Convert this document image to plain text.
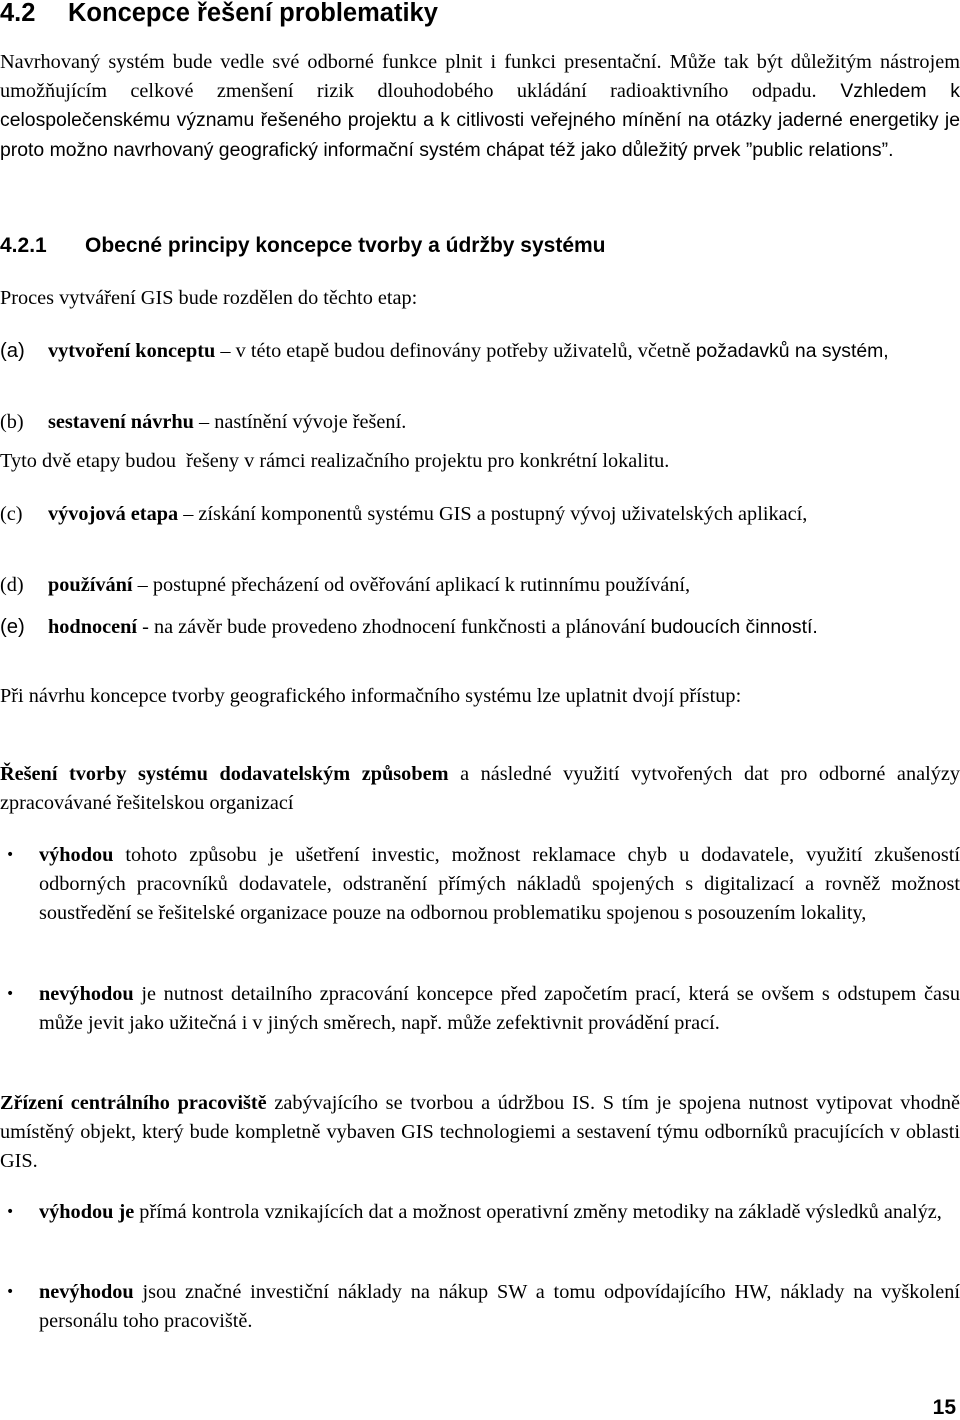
4.2 Koncepce řešení problematiky
Navrhovaný systém bude vedle své odborné funkce plnit i funkci presentační. Může tak být důležitým nástrojem umožňujícím celkové zmenšení rizik dlouhodobého ukládání radioaktivního odpadu. Vzhledem k celospolečenskému významu řešeného projektu a k citlivosti veřejného mínění na otázky jaderné energetiky je proto možno navrhovaný geografický informační systém chápat též jako důležitý prvek ”public relations”.
4.2.1 Obecné principy koncepce tvorby a údržby systému
Proces vytváření GIS bude rozdělen do těchto etap:
(a)	vytvoření konceptu – v této etapě budou definovány potřeby uživatelů, včetně požadavků na systém,
(b)	sestavení návrhu – nastínění vývoje řešení.
Tyto dvě etapy budou  řešeny v rámci realizačního projektu pro konkrétní lokalitu.
(c)	vývojová etapa – získání komponentů systému GIS a postupný vývoj uživatelských aplikací,
(d)	používání – postupné přecházení od ověřování aplikací k rutinnímu používání,
(e)	hodnocení - na závěr bude provedeno zhodnocení funkčnosti a plánování budoucích činností.
Při návrhu koncepce tvorby geografického informačního systému lze uplatnit dvojí přístup:
Řešení tvorby systému dodavatelským způsobem a následné využití vytvořených dat pro odborné analýzy zpracovávané řešitelskou organizací
•	výhodou tohoto způsobu je ušetření investic, možnost reklamace chyb u dodavatele, využití zkušeností odborných pracovníků dodavatele, odstranění přímých nákladů spojených s digitalizací a rovněž možnost soustředění se řešitelské organizace pouze na odbornou problematiku spojenou s posouzením lokality,
•	nevýhodou je nutnost detailního zpracování koncepce před započetím prací, která se ovšem s odstupem času může jevit jako užitečná i v jiných směrech, např. může zefektivnit provádění prací.
Zřízení centrálního pracoviště zabývajícího se tvorbou a údržbou IS. S tím je spojena nutnost vytipovat vhodně umístěný objekt, který bude kompletně vybaven GIS technologiemi a sestavení týmu odborníků pracujících v oblasti GIS.
•	výhodou je přímá kontrola vznikajících dat a možnost operativní změny metodiky na základě výsledků analýz,
•	nevýhodou jsou značné investiční náklady na nákup SW a tomu odpovídajícího HW, náklady na vyškolení personálu toho pracoviště.
15
